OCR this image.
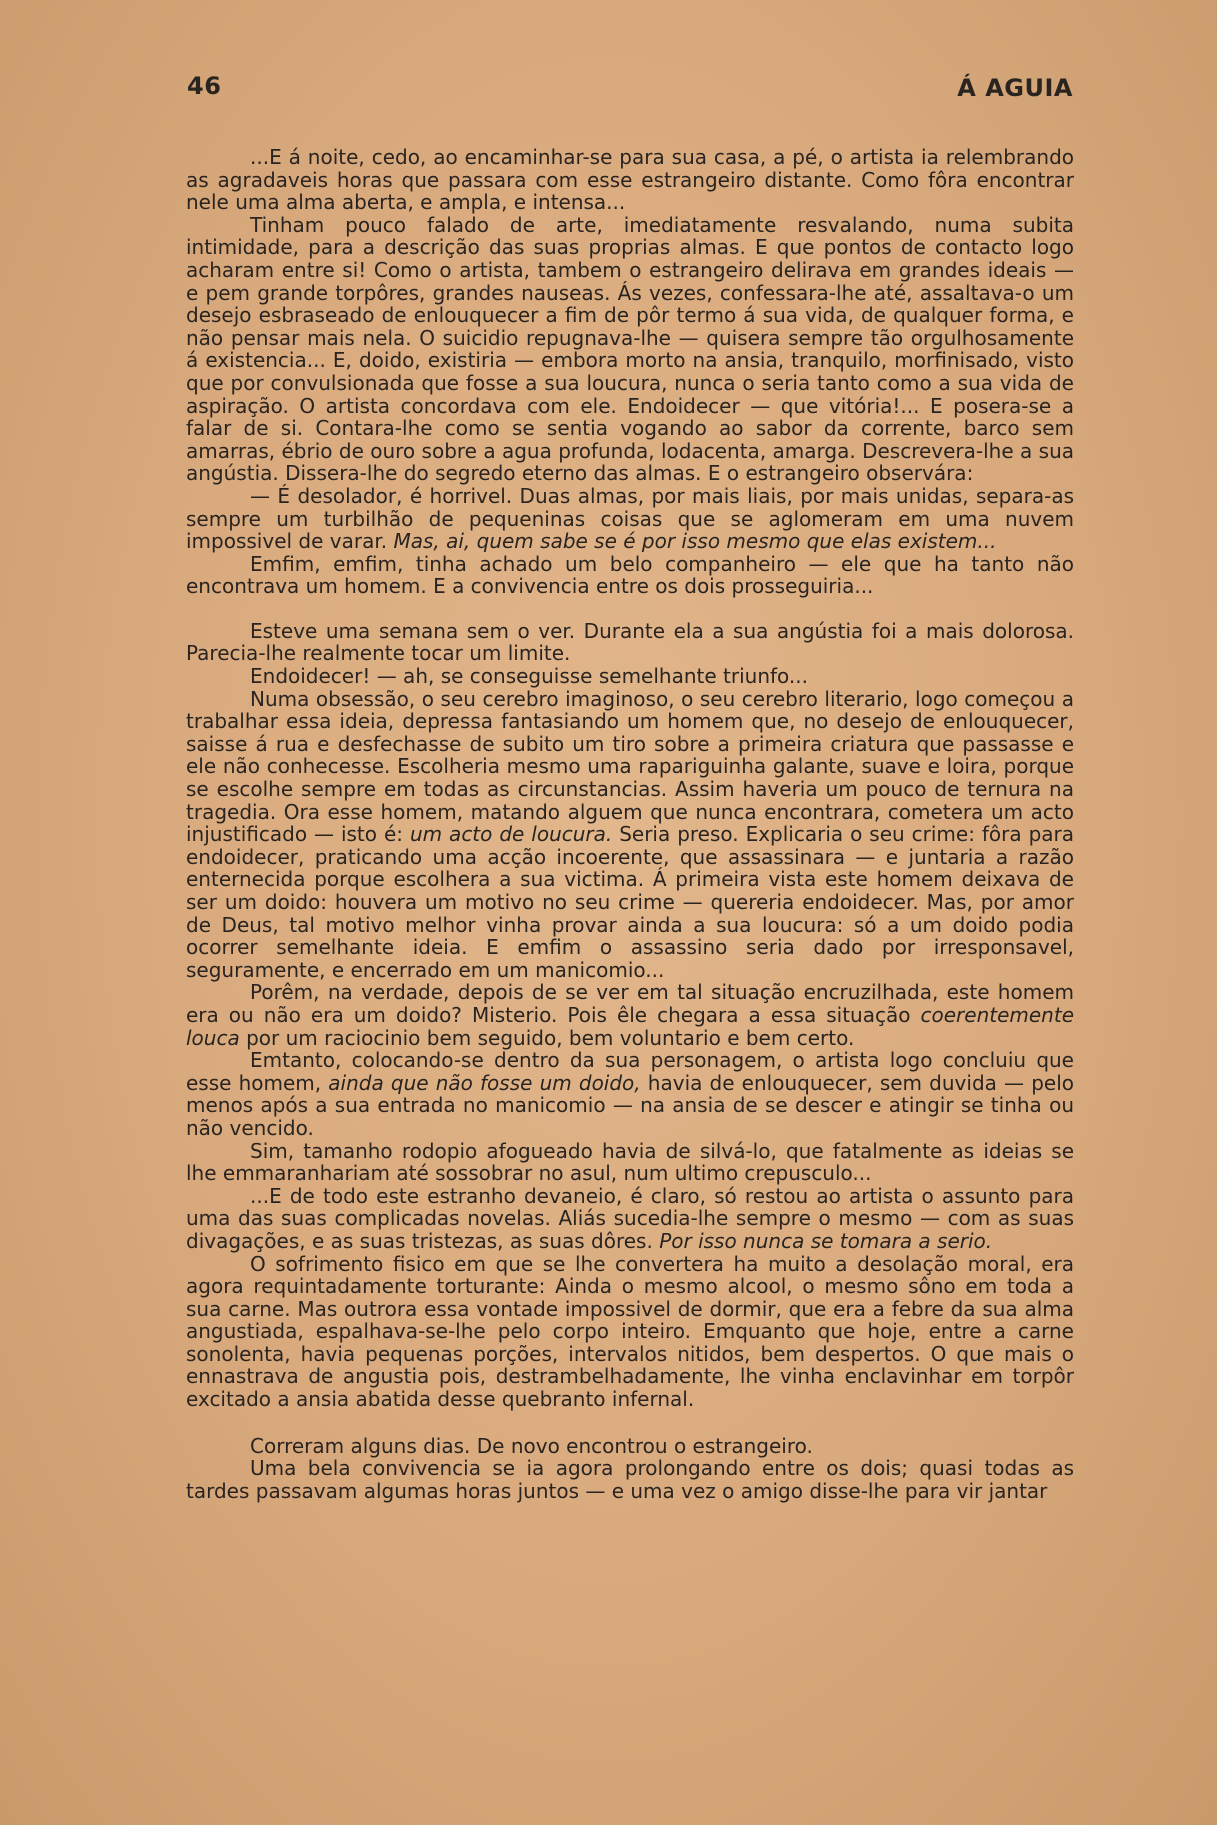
46	Á AGUIA

...E á noite, cedo, ao encaminhar-se para sua casa, a pé, o artista ia relembrando as agradaveis horas que passara com esse estrangeiro distante. Como fôra encontrar nele uma alma aberta, e ampla, e intensa...

Tinham pouco falado de arte, imediatamente resvalando, numa subita intimidade, para a descrição das suas proprias almas. E que pontos de contacto logo acharam entre si! Como o artista, tambem o estrangeiro delirava em grandes ideais — e pem grande torpôres, grandes nauseas. Ás vezes, confessara-lhe até, assaltava-o um desejo esbraseado de enlouquecer a fim de pôr termo á sua vida, de qualquer forma, e não pensar mais nela. O suicidio repugnava-lhe — quisera sempre tão orgulhosamente á existencia... E, doido, existiria — embora morto na ansia, tranquilo, morfinisado, visto que por convulsionada que fosse a sua loucura, nunca o seria tanto como a sua vida de aspiração. O artista concordava com ele. Endoidecer — que vitória!... E posera-se a falar de si. Contara-lhe como se sentia vogando ao sabor da corrente, barco sem amarras, ébrio de ouro sobre a agua profunda, lodacenta, amarga. Descrevera-lhe a sua angústia. Dissera-lhe do segredo eterno das almas. E o estrangeiro observára:

— É desolador, é horrivel. Duas almas, por mais liais, por mais unidas, separa-as sempre um turbilhão de pequeninas coisas que se aglomeram em uma nuvem impossivel de varar. Mas, ai, quem sabe se é por isso mesmo que elas existem...

Emfim, emfim, tinha achado um belo companheiro — ele que ha tanto não encontrava um homem. E a convivencia entre os dois prosseguiria...

Esteve uma semana sem o ver. Durante ela a sua angústia foi a mais dolorosa. Parecia-lhe realmente tocar um limite.

Endoidecer! — ah, se conseguisse semelhante triunfo...

Numa obsessão, o seu cerebro imaginoso, o seu cerebro literario, logo começou a trabalhar essa ideia, depressa fantasiando um homem que, no desejo de enlouquecer, saisse á rua e desfechasse de subito um tiro sobre a primeira criatura que passasse e ele não conhecesse. Escolheria mesmo uma rapariguinha galante, suave e loira, porque se escolhe sempre em todas as circunstancias. Assim haveria um pouco de ternura na tragedia. Ora esse homem, matando alguem que nunca encontrara, cometera um acto injustificado — isto é: um acto de loucura. Seria preso. Explicaria o seu crime: fôra para endoidecer, praticando uma acção incoerente, que assassinara — e juntaria a razão enternecida porque escolhera a sua victima. Á primeira vista este homem deixava de ser um doido: houvera um motivo no seu crime — quereria endoidecer. Mas, por amor de Deus, tal motivo melhor vinha provar ainda a sua loucura: só a um doido podia ocorrer semelhante ideia. E emfim o assassino seria dado por irresponsavel, seguramente, e encerrado em um manicomio...

Porêm, na verdade, depois de se ver em tal situação encruzilhada, este homem era ou não era um doido? Misterio. Pois êle chegara a essa situação coerentemente louca por um raciocinio bem seguido, bem voluntario e bem certo.

Emtanto, colocando-se dentro da sua personagem, o artista logo concluiu que esse homem, ainda que não fosse um doido, havia de enlouquecer, sem duvida — pelo menos após a sua entrada no manicomio — na ansia de se descer e atingir se tinha ou não vencido.

Sim, tamanho rodopio afogueado havia de silvá-lo, que fatalmente as ideias se lhe emmaranhariam até sossobrar no asul, num ultimo crepusculo...

...E de todo este estranho devaneio, é claro, só restou ao artista o assunto para uma das suas complicadas novelas. Aliás sucedia-lhe sempre o mesmo — com as suas divagações, e as suas tristezas, as suas dôres. Por isso nunca se tomara a serio.

O sofrimento fisico em que se lhe convertera ha muito a desolação moral, era agora requintadamente torturante: Ainda o mesmo alcool, o mesmo sôno em toda a sua carne. Mas outrora essa vontade impossivel de dormir, que era a febre da sua alma angustiada, espalhava-se-lhe pelo corpo inteiro. Emquanto que hoje, entre a carne sonolenta, havia pequenas porções, intervalos nitidos, bem despertos. O que mais o ennastrava de angustia pois, destrambelhadamente, lhe vinha enclavinhar em torpôr excitado a ansia abatida desse quebranto infernal.

Correram alguns dias. De novo encontrou o estrangeiro.

Uma bela convivencia se ia agora prolongando entre os dois; quasi todas as tardes passavam algumas horas juntos — e uma vez o amigo disse-lhe para vir jantar
